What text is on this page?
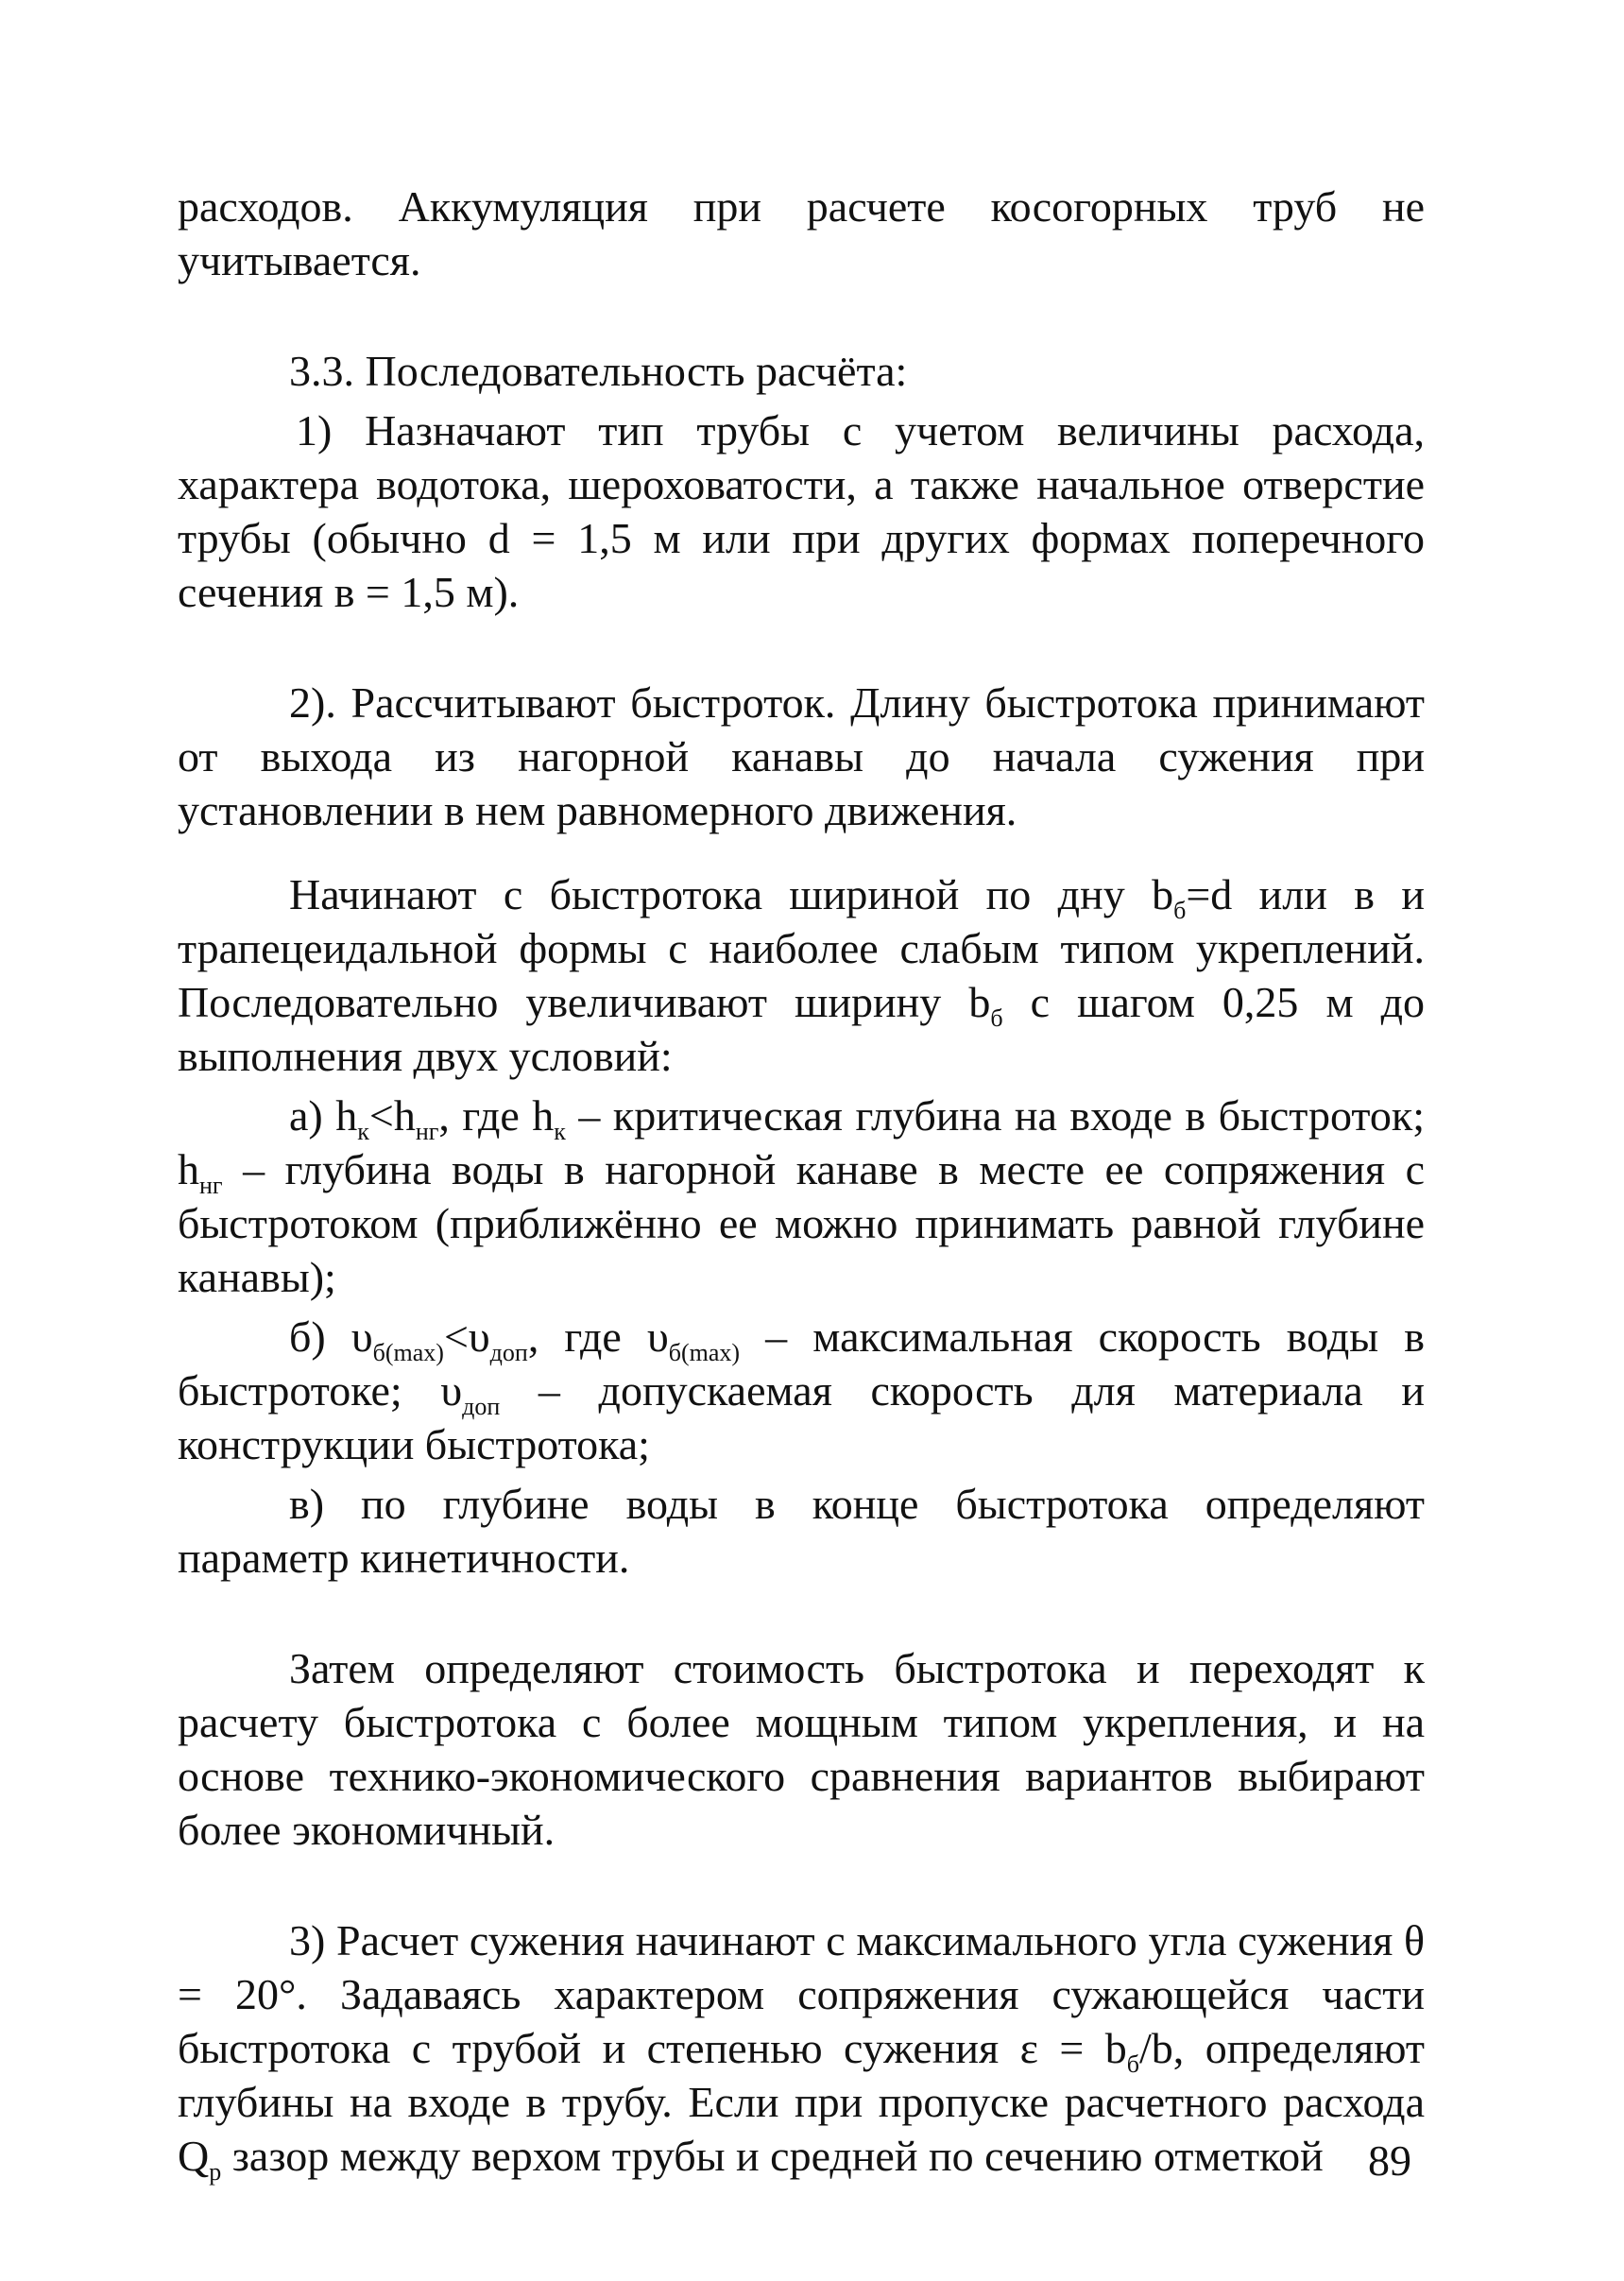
расходов. Аккумуляция при расчете косогорных труб не учитывается.

3.3. Последовательность расчёта:

1) Назначают тип трубы с учетом величины расхода, характера водотока, шероховатости, а также начальное отверстие трубы (обычно d = 1,5 м или при других формах поперечного сечения в = 1,5 м).

2). Рассчитывают быстроток. Длину быстротока принимают от выхода из нагорной канавы до начала сужения при установлении в нем равномерного движения.

Начинают с быстротока шириной по дну $b_б=d$ или в и трапецеидальной формы с наиболее слабым типом укреплений. Последовательно увеличивают ширину $b_б$ с шагом 0,25 м до выполнения двух условий:

а) $h_к<h_{нг}$, где $h_к$ – критическая глубина на входе в быстроток; $h_{нг}$ – глубина воды в нагорной канаве в месте ее сопряжения с быстротоком (приближённо ее можно принимать равной глубине канавы);

б) $\upsilon_{б(max)}<\upsilon_{доп}$, где $\upsilon_{б(max)}$ – максимальная скорость воды в быстротоке; $\upsilon_{доп}$ – допускаемая скорость для материала и конструкции быстротока;

в) по глубине воды в конце быстротока определяют параметр кинетичности.

Затем определяют стоимость быстротока и переходят к расчету быстротока с более мощным типом укрепления, и на основе технико-экономического сравнения вариантов выбирают более экономичный.

3) Расчет сужения начинают с максимального угла сужения θ = 20°. Задаваясь характером сопряжения сужающейся части быстротока с трубой и степенью сужения $\varepsilon = b_б/b$, определяют глубины на входе в трубу. Если при пропуске расчетного расхода $Q_р$ зазор между верхом трубы и средней по сечению отметкой	89
